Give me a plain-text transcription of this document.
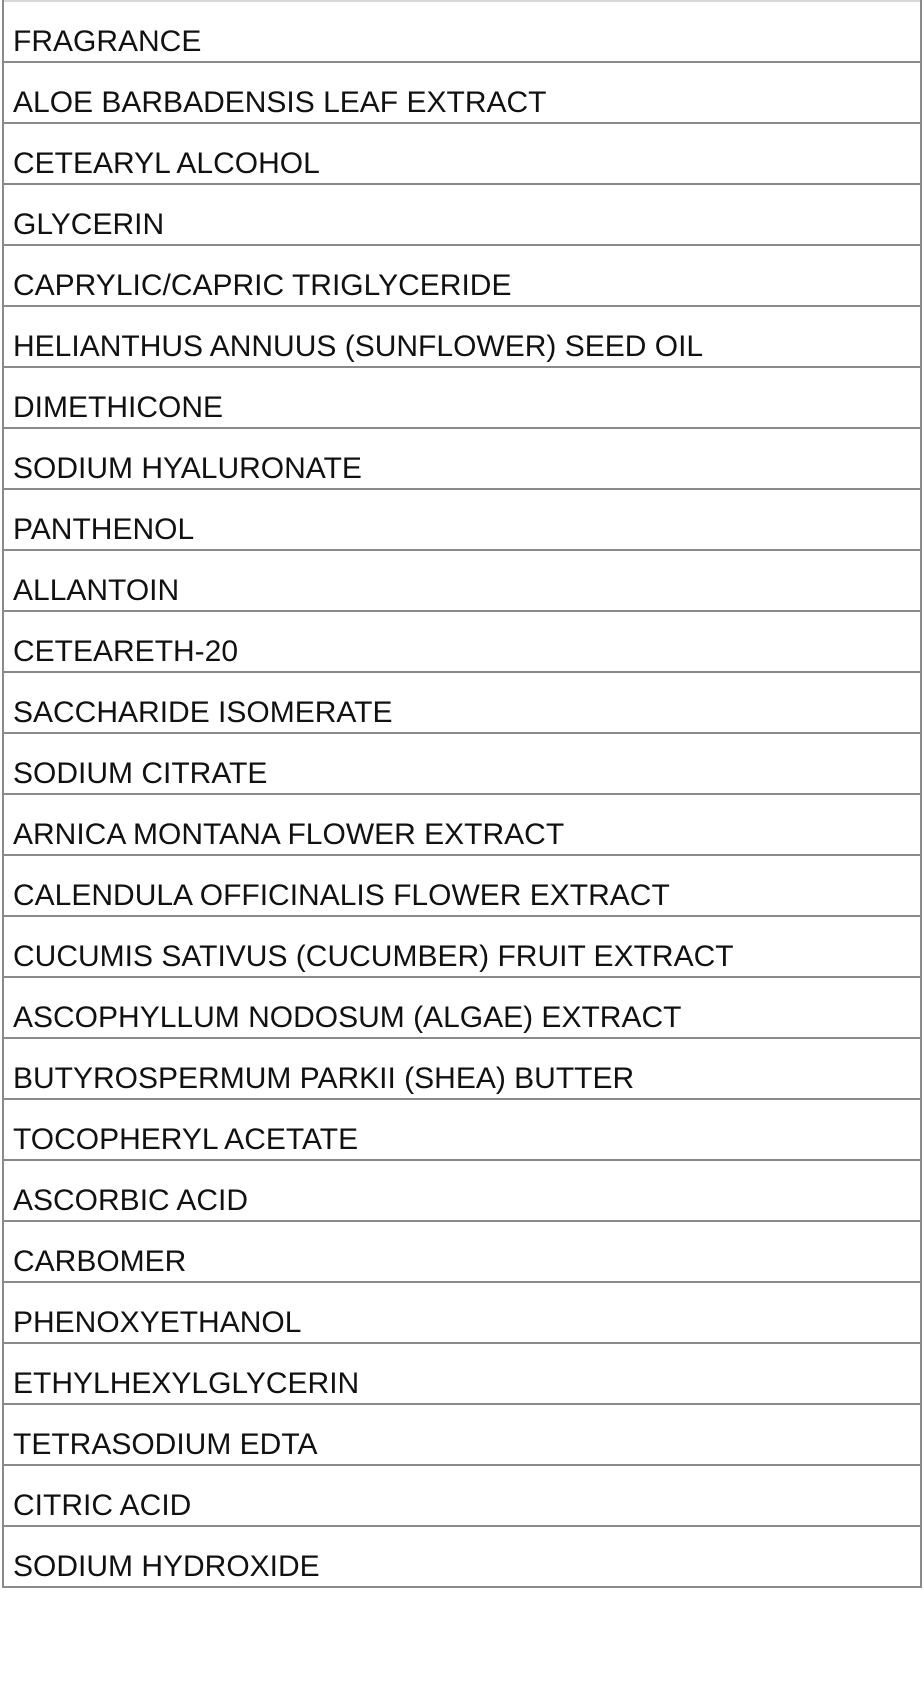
FRAGRANCE

ALOE BARBADENSIS LEAF EXTRACT

CETEARYL ALCOHOL

GLYCERIN

CAPRYLIC/CAPRIC TRIGLYCERIDE

HELIANTHUS ANNUUS (SUNFLOWER) SEED OIL

DIMETHICONE

SODIUM HYALURONATE

PANTHENOL

ALLANTOIN

CETEARETH-20

SACCHARIDE ISOMERATE

SODIUM CITRATE

ARNICA MONTANA FLOWER EXTRACT

CALENDULA OFFICINALIS FLOWER EXTRACT

CUCUMIS SATIVUS (CUCUMBER) FRUIT EXTRACT

ASCOPHYLLUM NODOSUM (ALGAE) EXTRACT

BUTYROSPERMUM PARKII (SHEA) BUTTER

TOCOPHERYL ACETATE

ASCORBIC ACID

CARBOMER

PHENOXYETHANOL

ETHYLHEXYLGLYCERIN

TETRASODIUM EDTA

CITRIC ACID

SODIUM HYDROXIDE
